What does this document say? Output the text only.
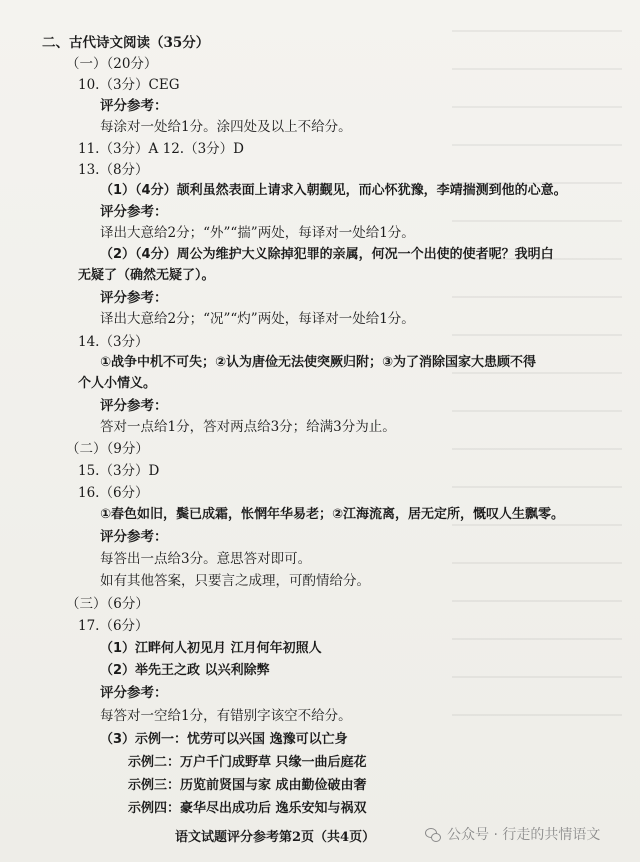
二、古代诗文阅读（35分）
（一）（20分）
10.（3分）CEG
评分参考：
每涂对一处给1分。涂四处及以上不给分。
11.（3分）A 12.（3分）D
13.（8分）
（1）（4分）颉利虽然表面上请求入朝觐见，而心怀犹豫，李靖揣测到他的心意。
评分参考：
译出大意给2分；“外”“揣”两处，每译对一处给1分。
（2）（4分）周公为维护大义除掉犯罪的亲属，何况一个出使的使者呢？我明白
无疑了（确然无疑了）。
评分参考：
译出大意给2分；“况”“灼”两处，每译对一处给1分。
14.（3分）
①战争中机不可失；②认为唐俭无法使突厥归附；③为了消除国家大患顾不得
个人小情义。
评分参考：
答对一点给1分，答对两点给3分；给满3分为止。
（二）（9分）
15.（3分）D
16.（6分）
①春色如旧，鬓已成霜，怅惘年华易老；②江海流离，居无定所，慨叹人生飘零。
评分参考：
每答出一点给3分。意思答对即可。
如有其他答案，只要言之成理，可酌情给分。
（三）（6分）
17.（6分）
（1）江畔何人初见月 江月何年初照人
（2）举先王之政 以兴利除弊
评分参考：
每答对一空给1分，有错别字该空不给分。
（3）示例一：忧劳可以兴国 逸豫可以亡身
示例二：万户千门成野草 只缘一曲后庭花
示例三：历览前贤国与家 成由勤俭破由奢
示例四：豪华尽出成功后 逸乐安知与祸双
语文试题评分参考第2页（共4页）	公众号 · 行走的共情语文
